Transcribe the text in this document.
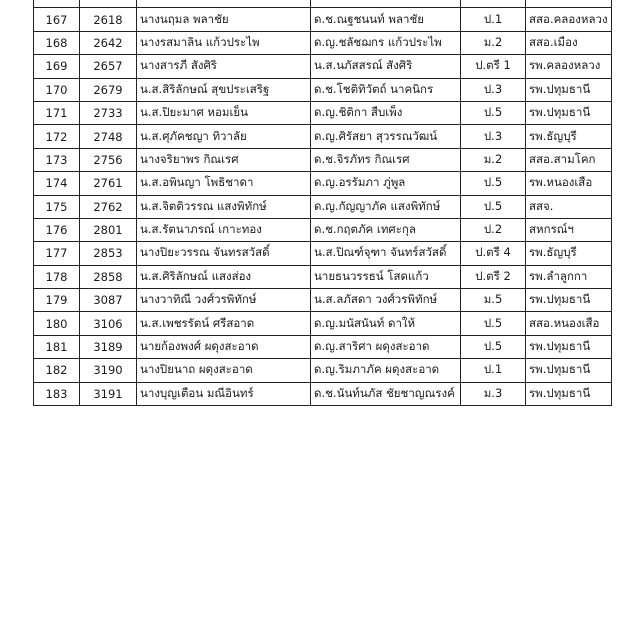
167	2618	นางนฤมล พลาชัย	ด.ช.ณฐชนนท์ พลาชัย	ป.1	สสอ.คลองหลวง
168	2642	นางรสมาลิน แก้วประไพ	ด.ญ.ชลัชฌกร แก้วประไพ	ม.2	สสอ.เมือง
169	2657	นางสารภี สังศิริ	น.ส.นภัสสรณ์ สังศิริ	ป.ตรี 1	รพ.คลองหลวง
170	2679	น.ส.สิริลักษณ์ สุขประเสริฐ	ด.ช.โชติทิวัตถ์ นาคนิกร	ป.3	รพ.ปทุมธานี
171	2733	น.ส.ปิยะมาศ หอมเย็น	ด.ญ.ชิติกา สืบเพ็ง	ป.5	รพ.ปทุมธานี
172	2748	น.ส.ศุภัคชญา ทิวาลัย	ด.ญ.ศิรัสยา สุวรรณวัฒน์	ป.3	รพ.ธัญบุรี
173	2756	นางจริยาพร กิณเรศ	ด.ช.จิรภัทร กิณเรศ	ม.2	สสอ.สามโคก
174	2761	น.ส.อพินญา โพธิชาดา	ด.ญ.อรรัมภา ภู่พูล	ป.5	รพ.หนองเสือ
175	2762	น.ส.จิตติวรรณ แสงพิทักษ์	ด.ญ.กัญญาภัค แสงพิทักษ์	ป.5	สสจ.
176	2801	น.ส.รัตนาภรณ์ เกาะทอง	ด.ช.กฤตภัค เทศะกุล	ป.2	สหกรณ์ฯ
177	2853	นางปิยะวรรณ จันทรสวัสดิ์	น.ส.ปิณฑ์จุฑา จันทร์สวัสดิ์	ป.ตรี 4	รพ.ธัญบุรี
178	2858	น.ส.ศิริลักษณ์ แสงส่อง	นายธนวรรธน์ โสดแก้ว	ป.ตรี 2	รพ.ลำลูกกา
179	3087	นางวาทิณี วงศ์วรพิทักษ์	น.ส.ลภัสดา วงศ์วรพิทักษ์	ม.5	รพ.ปทุมธานี
180	3106	น.ส.เพชรรัตน์ ศรีสอาด	ด.ญ.มนัสนันท์ ดาให้	ป.5	สสอ.หนองเสือ
181	3189	นายก้องพงศ์ ผดุงสะอาด	ด.ญ.สาริศา ผดุงสะอาด	ป.5	รพ.ปทุมธานี
182	3190	นางปิยนาถ ผดุงสะอาด	ด.ญ.ริมภาภัค ผดุงสะอาด	ป.1	รพ.ปทุมธานี
183	3191	นางบุญเตือน มณีอินทร์	ด.ช.นันท์นภัส ชัยชาญณรงค์	ม.3	รพ.ปทุมธานี
